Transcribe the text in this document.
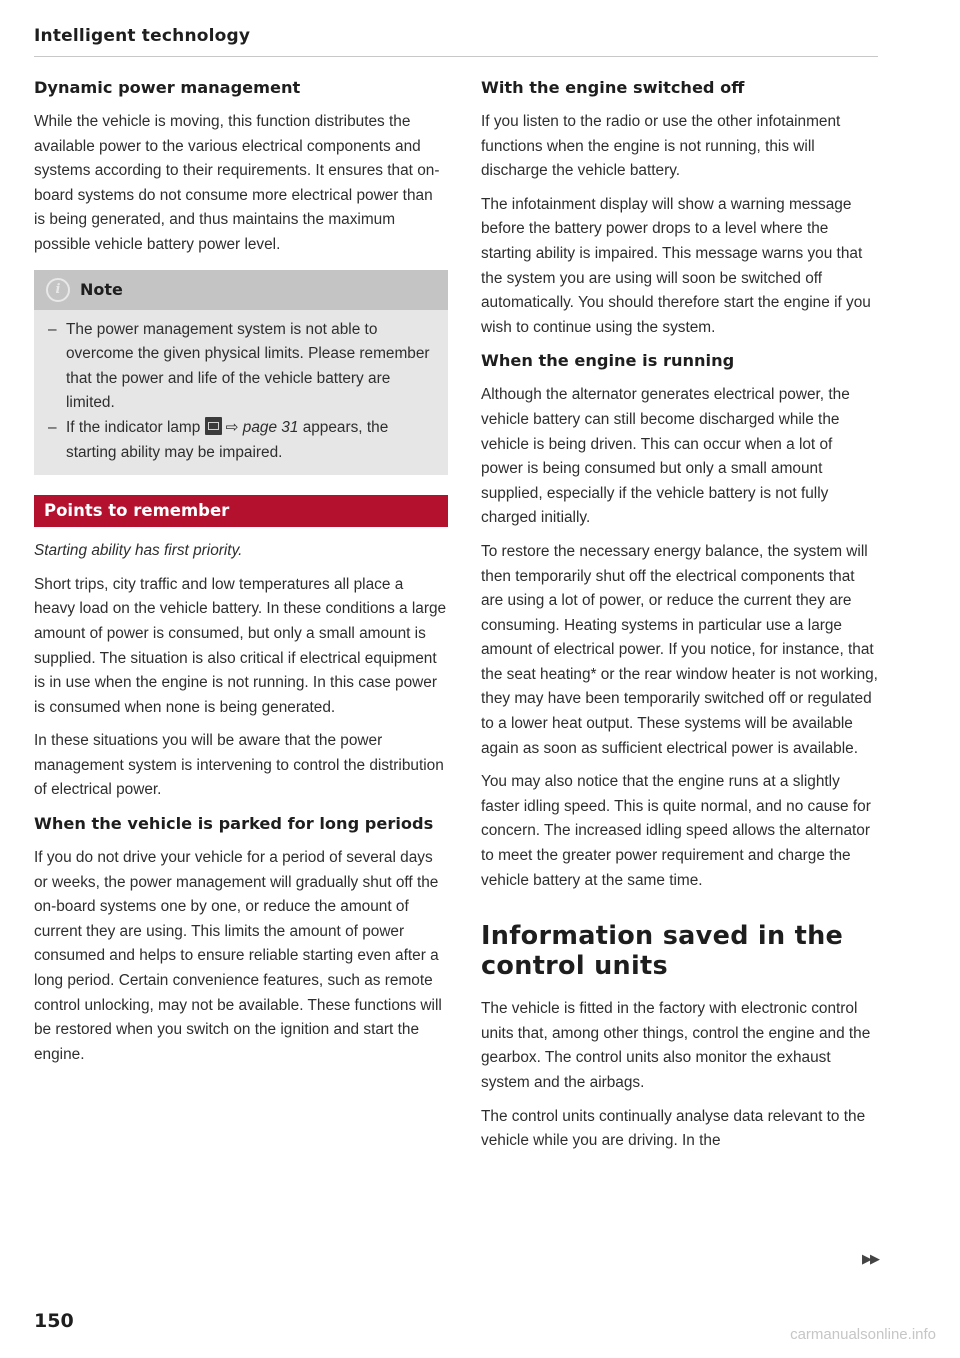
Intelligent technology
Dynamic power management

While the vehicle is moving, this function distributes the available power to the various electrical components and systems according to their requirements. It ensures that on-board systems do not consume more electrical power than is being generated, and thus maintains the maximum possible vehicle battery power level.

i	Note
– The power management system is not able to overcome the given physical limits. Please remember that the power and life of the vehicle battery are limited.
– If the indicator lamp ⇨ page 31 appears, the starting ability may be impaired.
Points to remember

Starting ability has first priority.

Short trips, city traffic and low temperatures all place a heavy load on the vehicle battery. In these conditions a large amount of power is consumed, but only a small amount is supplied. The situation is also critical if electrical equipment is in use when the engine is not running. In this case power is consumed when none is being generated.

In these situations you will be aware that the power management system is intervening to control the distribution of electrical power.

When the vehicle is parked for long periods

If you do not drive your vehicle for a period of several days or weeks, the power management will gradually shut off the on-board systems one by one, or reduce the amount of current they are using. This limits the amount of power consumed and helps to ensure reliable starting even after a long period. Certain convenience features, such as remote control unlocking, may not be available. These functions will be restored when you switch on the ignition and start the engine.

With the engine switched off

If you listen to the radio or use the other infotainment functions when the engine is not running, this will discharge the vehicle battery.

The infotainment display will show a warning message before the battery power drops to a level where the starting ability is impaired. This message warns you that the system you are using will soon be switched off automatically. You should therefore start the engine if you wish to continue using the system.

When the engine is running

Although the alternator generates electrical power, the vehicle battery can still become discharged while the vehicle is being driven. This can occur when a lot of power is being consumed but only a small amount supplied, especially if the vehicle battery is not fully charged initially.

To restore the necessary energy balance, the system will then temporarily shut off the electrical components that are using a lot of power, or reduce the current they are consuming. Heating systems in particular use a large amount of electrical power. If you notice, for instance, that the seat heating* or the rear window heater is not working, they may have been temporarily switched off or regulated to a lower heat output. These systems will be available again as soon as sufficient electrical power is available.

You may also notice that the engine runs at a slightly faster idling speed. This is quite normal, and no cause for concern. The increased idling speed allows the alternator to meet the greater power requirement and charge the vehicle battery at the same time.

Information saved in the control units

The vehicle is fitted in the factory with electronic control units that, among other things, control the engine and the gearbox. The control units also monitor the exhaust system and the airbags.

The control units continually analyse data relevant to the vehicle while you are driving. In the

▶▶
150
carmanualsonline.info
